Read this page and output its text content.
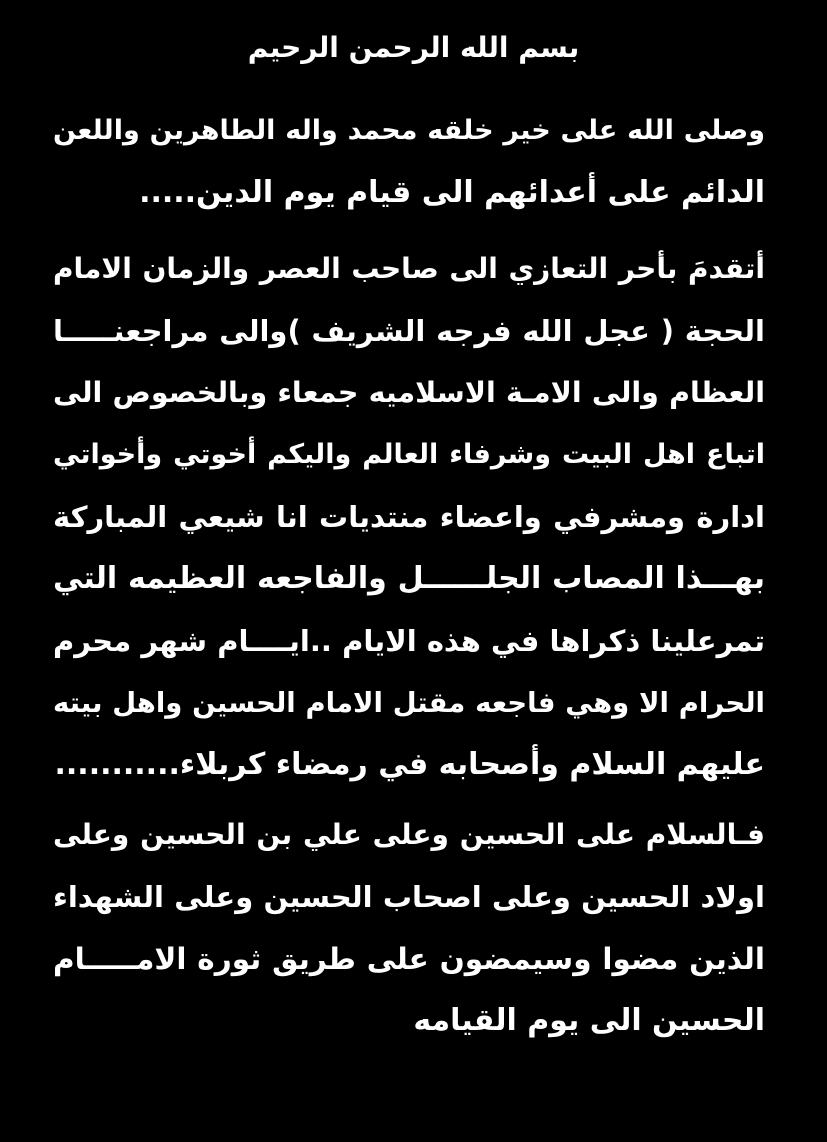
بسم الله الرحمن الرحيم
وصلى الله على خير خلقه محمد واله الطاهرين واللعن
الدائم على أعدائهم الى قيام يوم الدين.....
أتقدمَ بأحر التعازي الى صاحب العصر والزمان الامام
الحجة ( عجل الله فرجه الشريف )والى مراجعنـــــا
العظام والى الامـة الاسلاميه جمعاء وبالخصوص الى
اتباع اهل البيت وشرفاء العالم واليكم أخوتي وأخواتي
ادارة ومشرفي واعضاء منتديات انا شيعي المباركة
بهـــذا المصاب الجلــــــل والفاجعه العظيمه التي
تمرعلينا ذكراها في هذه الايام ..ايــــام شهر محرم
الحرام الا وهي فاجعه مقتل الامام الحسين واهل بيته
عليهم السلام وأصحابه في رمضاء كربلاء...........
فـالسلام على الحسين وعلى علي بن الحسين وعلى
اولاد الحسين وعلى اصحاب الحسين وعلى الشهداء
الذين مضوا وسيمضون على طريق ثورة الامـــــام
الحسين الى يوم القيامه
